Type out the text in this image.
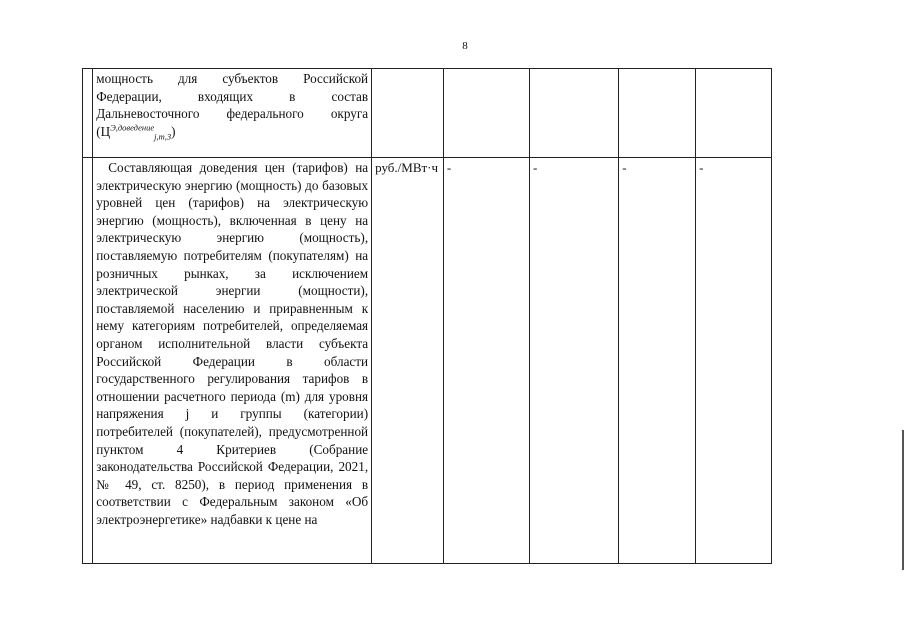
8
	мощность для субъектов Российской Федерации, входящих в состав Дальневосточного федерального округа $(Ц^{Э,доведение}_{j,m,3})$					

	Составляющая доведения цен (тарифов) на электрическую энергию (мощность) до базовых уровней цен (тарифов) на электрическую энергию (мощность), включенная в цену на электрическую энергию (мощность), поставляемую потребителям (покупателям) на розничных рынках, за исключением электрической энергии (мощности), поставляемой населению и приравненным к нему категориям потребителей, определяемая органом исполнительной власти субъекта Российской Федерации в области государственного регулирования тарифов в отношении расчетного периода (m) для уровня напряжения j и группы (категории) потребителей (покупателей), предусмотренной пунктом 4 Критериев (Собрание законодательства Российской Федерации, 2021, № 49, ст. 8250), в период применения в соответствии с Федеральным законом «Об электроэнергетике» надбавки к цене на	руб./МВт·ч	-	-	-	-
